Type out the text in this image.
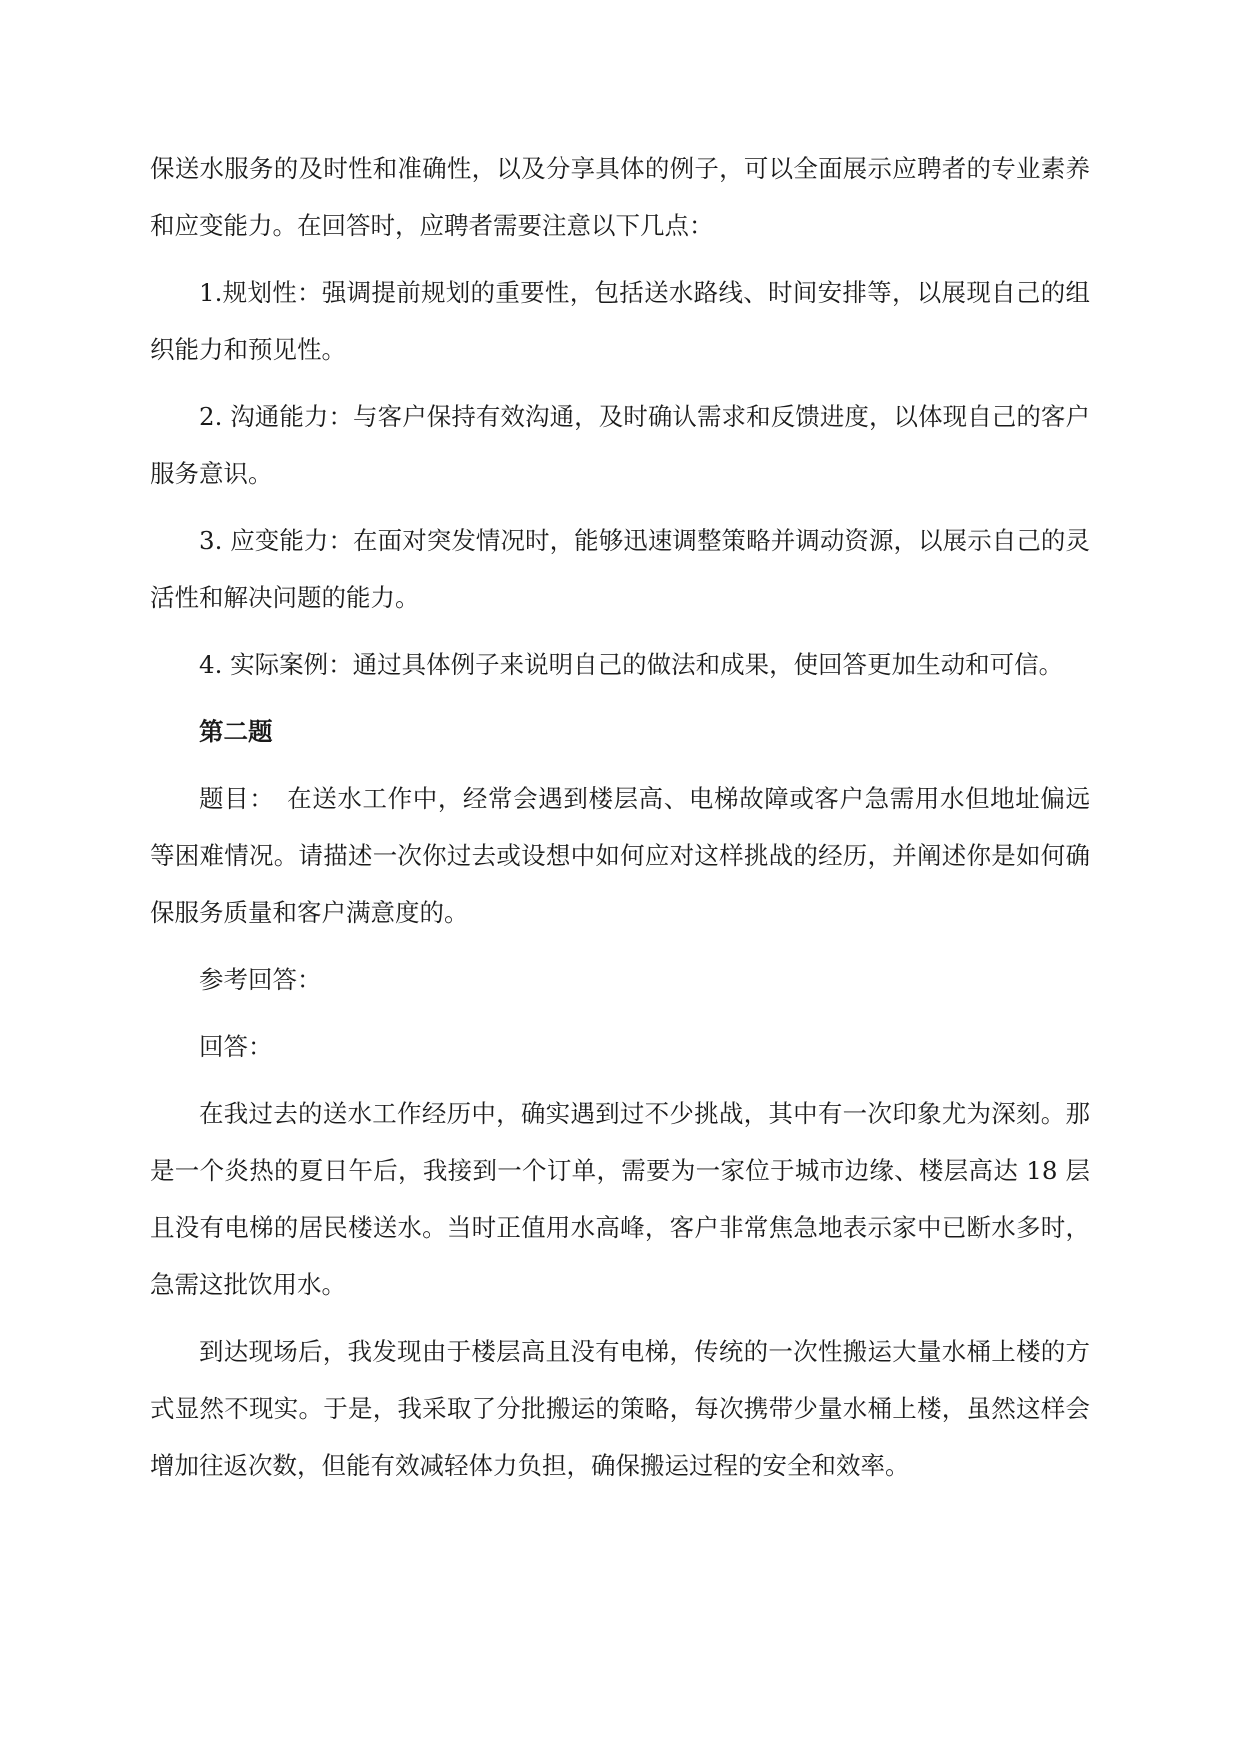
保送水服务的及时性和准确性，以及分享具体的例子，可以全面展示应聘者的专业素养和应变能力。在回答时，应聘者需要注意以下几点：

1.规划性：强调提前规划的重要性，包括送水路线、时间安排等，以展现自己的组织能力和预见性。

2. 沟通能力：与客户保持有效沟通，及时确认需求和反馈进度，以体现自己的客户服务意识。

3. 应变能力：在面对突发情况时，能够迅速调整策略并调动资源，以展示自己的灵活性和解决问题的能力。

4. 实际案例：通过具体例子来说明自己的做法和成果，使回答更加生动和可信。

第二题

题目：　在送水工作中，经常会遇到楼层高、电梯故障或客户急需用水但地址偏远等困难情况。请描述一次你过去或设想中如何应对这样挑战的经历，并阐述你是如何确保服务质量和客户满意度的。

参考回答：

回答：

在我过去的送水工作经历中，确实遇到过不少挑战，其中有一次印象尤为深刻。那是一个炎热的夏日午后，我接到一个订单，需要为一家位于城市边缘、楼层高达 18 层且没有电梯的居民楼送水。当时正值用水高峰，客户非常焦急地表示家中已断水多时，急需这批饮用水。

到达现场后，我发现由于楼层高且没有电梯，传统的一次性搬运大量水桶上楼的方式显然不现实。于是，我采取了分批搬运的策略，每次携带少量水桶上楼，虽然这样会增加往返次数，但能有效减轻体力负担，确保搬运过程的安全和效率。
